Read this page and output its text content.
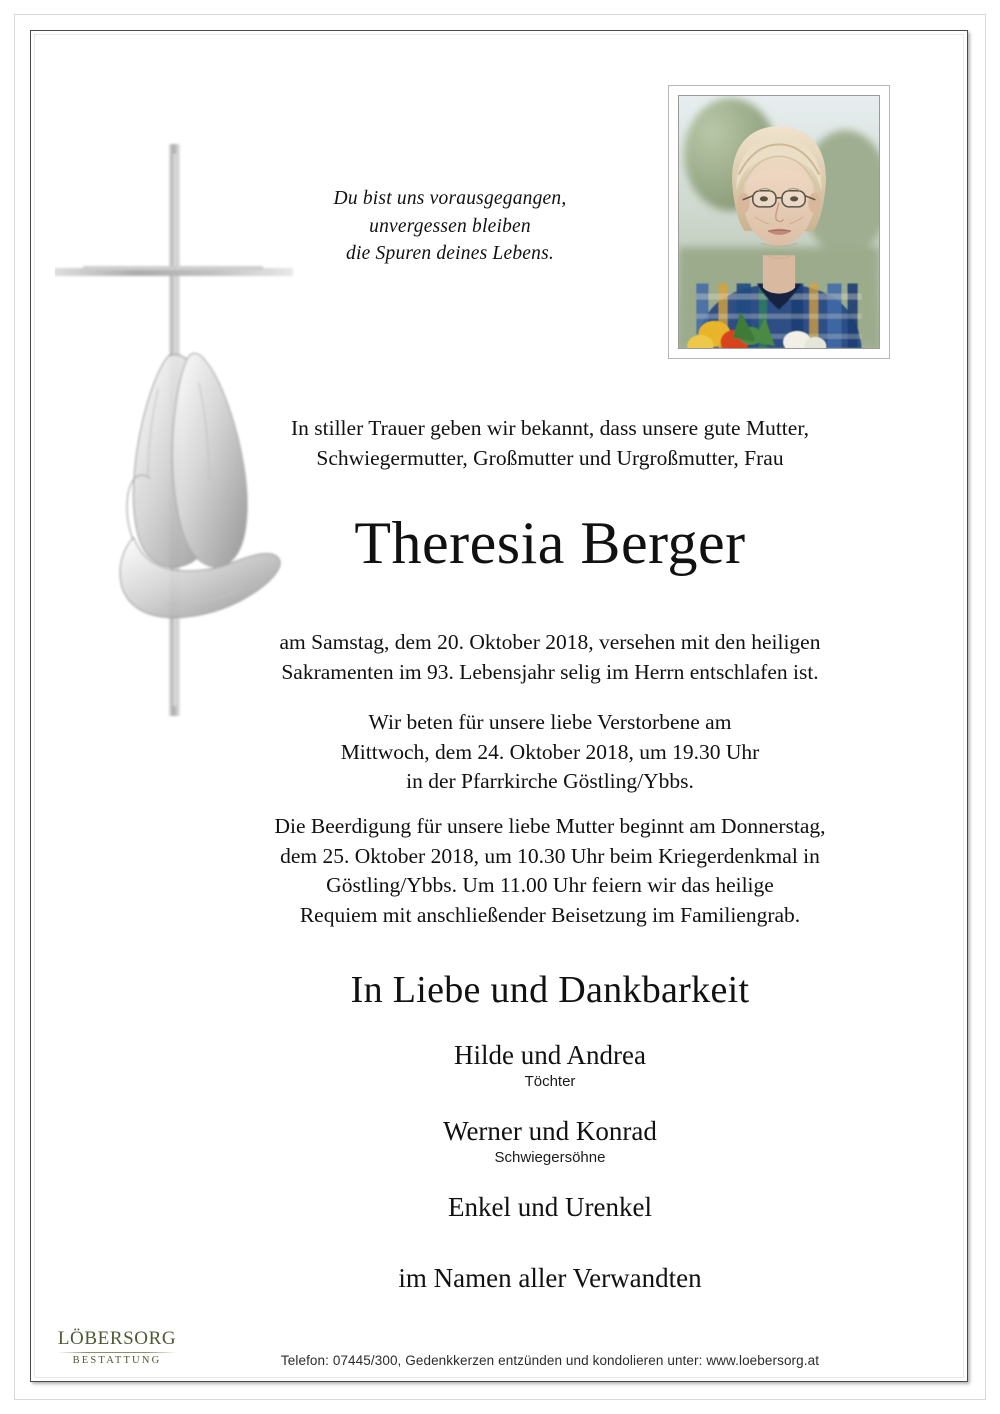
Du bist uns vorausgegangen,
unvergessen bleiben
die Spuren deines Lebens.
In stiller Trauer geben wir bekannt, dass unsere gute Mutter,
Schwiegermutter, Großmutter und Urgroßmutter, Frau
Theresia Berger
am Samstag, dem 20. Oktober 2018, versehen mit den heiligen
Sakramenten im 93. Lebensjahr selig im Herrn entschlafen ist.
Wir beten für unsere liebe Verstorbene am
Mittwoch, dem 24. Oktober 2018, um 19.30 Uhr
in der Pfarrkirche Göstling/Ybbs.
Die Beerdigung für unsere liebe Mutter beginnt am Donnerstag,
dem 25. Oktober 2018, um 10.30 Uhr beim Kriegerdenkmal in
Göstling/Ybbs. Um 11.00 Uhr feiern wir das heilige
Requiem mit anschließender Beisetzung im Familiengrab.
In Liebe und Dankbarkeit
Hilde und Andrea
Töchter
Werner und Konrad
Schwiegersöhne
Enkel und Urenkel
im Namen aller Verwandten
LÖBERSORG
BESTATTUNG	Telefon: 07445/300, Gedenkkerzen entzünden und kondolieren unter: www.loebersorg.at
